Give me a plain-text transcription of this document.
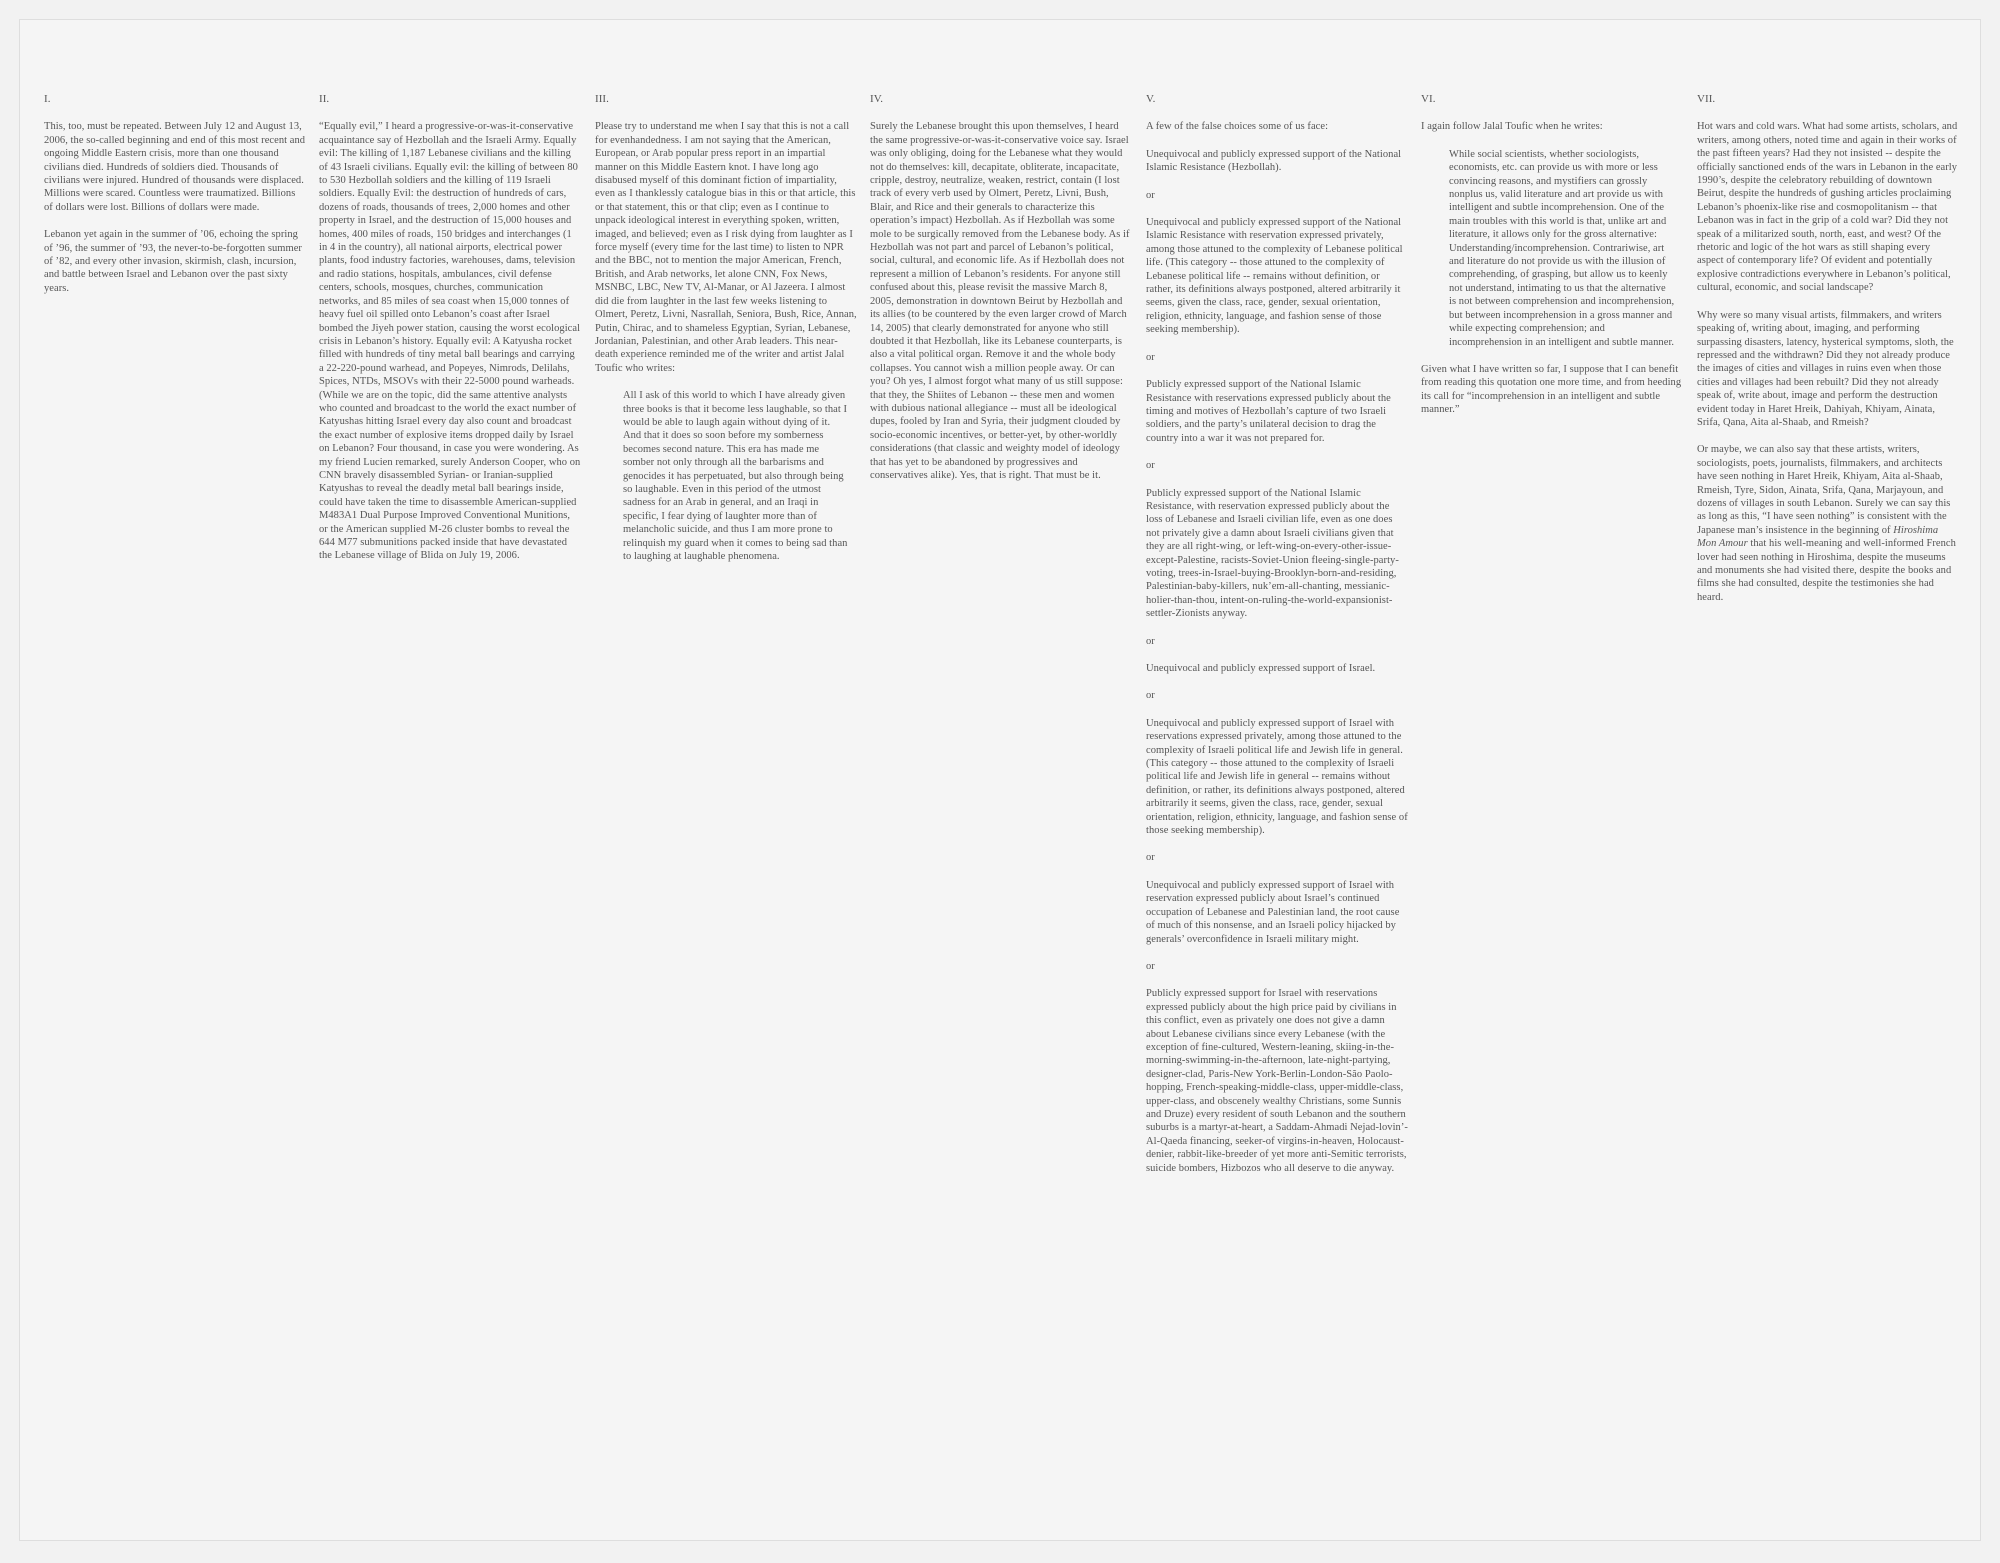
I.

This, too, must be repeated. Between July 12 and August 13, 2006, the so-called beginning and end of this most recent and ongoing Middle Eastern crisis, more than one thousand civilians died. Hundreds of soldiers died. Thousands of civilians were injured. Hundred of thousands were displaced. Millions were scared. Countless were traumatized. Billions of dollars were lost. Billions of dollars were made.

Lebanon yet again in the summer of ’06, echoing the spring of ’96, the summer of ’93, the never-to-be-forgotten summer of ’82, and every other invasion, skirmish, clash, incursion, and battle between Israel and Lebanon over the past sixty years.

II.

“Equally evil,” I heard a progressive-or-was-it-conservative acquaintance say of Hezbollah and the Israeli Army. Equally evil: The killing of 1,187 Lebanese civilians and the killing of 43 Israeli civilians. Equally evil: the killing of between 80 to 530 Hezbollah soldiers and the killing of 119 Israeli soldiers. Equally Evil: the destruction of hundreds of cars, dozens of roads, thousands of trees, 2,000 homes and other property in Israel, and the destruction of 15,000 houses and homes, 400 miles of roads, 150 bridges and interchanges (1 in 4 in the country), all national airports, electrical power plants, food industry factories, warehouses, dams, television and radio stations, hospitals, ambulances, civil defense centers, schools, mosques, churches, communication networks, and 85 miles of sea coast when 15,000 tonnes of heavy fuel oil spilled onto Lebanon’s coast after Israel bombed the Jiyeh power station, causing the worst ecological crisis in Lebanon’s history. Equally evil: A Katyusha rocket filled with hundreds of tiny metal ball bearings and carrying a 22-220-pound warhead, and Popeyes, Nimrods, Delilahs, Spices, NTDs, MSOVs with their 22-5000 pound warheads. (While we are on the topic, did the same attentive analysts who counted and broadcast to the world the exact number of Katyushas hitting Israel every day also count and broadcast the exact number of explosive items dropped daily by Israel on Lebanon? Four thousand, in case you were wondering. As my friend Lucien remarked, surely Anderson Cooper, who on CNN bravely disassembled Syrian- or Iranian-supplied Katyushas to reveal the deadly metal ball bearings inside, could have taken the time to disassemble American-supplied M483A1 Dual Purpose Improved Conventional Munitions, or the American supplied M-26 cluster bombs to reveal the 644 M77 submunitions packed inside that have devastated the Lebanese village of Blida on July 19, 2006.

III.

Please try to understand me when I say that this is not a call for evenhandedness. I am not saying that the American, European, or Arab popular press report in an impartial manner on this Middle Eastern knot. I have long ago disabused myself of this dominant fiction of impartiality, even as I thanklessly catalogue bias in this or that article, this or that statement, this or that clip; even as I continue to unpack ideological interest in everything spoken, written, imaged, and believed; even as I risk dying from laughter as I force myself (every time for the last time) to listen to NPR and the BBC, not to mention the major American, French, British, and Arab networks, let alone CNN, Fox News, MSNBC, LBC, New TV, Al-Manar, or Al Jazeera. I almost did die from laughter in the last few weeks listening to Olmert, Peretz, Livni, Nasrallah, Seniora, Bush, Rice, Annan, Putin, Chirac, and to shameless Egyptian, Syrian, Lebanese, Jordanian, Palestinian, and other Arab leaders. This near-death experience reminded me of the writer and artist Jalal Toufic who writes:

All I ask of this world to which I have already given three books is that it become less laughable, so that I would be able to laugh again without dying of it. And that it does so soon before my somberness becomes second nature. This era has made me somber not only through all the barbarisms and genocides it has perpetuated, but also through being so laughable. Even in this period of the utmost sadness for an Arab in general, and an Iraqi in specific, I fear dying of laughter more than of melancholic suicide, and thus I am more prone to relinquish my guard when it comes to being sad than to laughing at laughable phenomena.

IV.

Surely the Lebanese brought this upon themselves, I heard the same progressive-or-was-it-conservative voice say. Israel was only obliging, doing for the Lebanese what they would not do themselves: kill, decapitate, obliterate, incapacitate, cripple, destroy, neutralize, weaken, restrict, contain (I lost track of every verb used by Olmert, Peretz, Livni, Bush, Blair, and Rice and their generals to characterize this operation’s impact) Hezbollah. As if Hezbollah was some mole to be surgically removed from the Lebanese body. As if Hezbollah was not part and parcel of Lebanon’s political, social, cultural, and economic life. As if Hezbollah does not represent a million of Lebanon’s residents. For anyone still confused about this, please revisit the massive March 8, 2005, demonstration in downtown Beirut by Hezbollah and its allies (to be countered by the even larger crowd of March 14, 2005) that clearly demonstrated for anyone who still doubted it that Hezbollah, like its Lebanese counterparts, is also a vital political organ. Remove it and the whole body collapses. You cannot wish a million people away. Or can you? Oh yes, I almost forgot what many of us still suppose: that they, the Shiites of Lebanon -- these men and women with dubious national allegiance -- must all be ideological dupes, fooled by Iran and Syria, their judgment clouded by socio-economic incentives, or better-yet, by other-worldly considerations (that classic and weighty model of ideology that has yet to be abandoned by progressives and conservatives alike). Yes, that is right. That must be it.

V.

A few of the false choices some of us face:

Unequivocal and publicly expressed support of the National Islamic Resistance (Hezbollah).

or

Unequivocal and publicly expressed support of the National Islamic Resistance with reservation expressed privately, among those attuned to the complexity of Lebanese political life. (This category -- those attuned to the complexity of Lebanese political life -- remains without definition, or rather, its definitions always postponed, altered arbitrarily it seems, given the class, race, gender, sexual orientation, religion, ethnicity, language, and fashion sense of those seeking membership).

or

Publicly expressed support of the National Islamic Resistance with reservations expressed publicly about the timing and motives of Hezbollah’s capture of two Israeli soldiers, and the party’s unilateral decision to drag the country into a war it was not prepared for.

or

Publicly expressed support of the National Islamic Resistance, with reservation expressed publicly about the loss of Lebanese and Israeli civilian life, even as one does not privately give a damn about Israeli civilians given that they are all right-wing, or left-wing-on-every-other-issue-except-Palestine, racists-Soviet-Union fleeing-single-party-voting, trees-in-Israel-buying-Brooklyn-born-and-residing, Palestinian-baby-killers, nuk’em-all-chanting, messianic-holier-than-thou, intent-on-ruling-the-world-expansionist-settler-Zionists anyway.

or

Unequivocal and publicly expressed support of Israel.

or

Unequivocal and publicly expressed support of Israel with reservations expressed privately, among those attuned to the complexity of Israeli political life and Jewish life in general. (This category -- those attuned to the complexity of Israeli political life and Jewish life in general -- remains without definition, or rather, its definitions always postponed, altered arbitrarily it seems, given the class, race, gender, sexual orientation, religion, ethnicity, language, and fashion sense of those seeking membership).

or

Unequivocal and publicly expressed support of Israel with reservation expressed publicly about Israel’s continued occupation of Lebanese and Palestinian land, the root cause of much of this nonsense, and an Israeli policy hijacked by generals’ overconfidence in Israeli military might.

or

Publicly expressed support for Israel with reservations expressed publicly about the high price paid by civilians in this conflict, even as privately one does not give a damn about Lebanese civilians since every Lebanese (with the exception of fine-cultured, Western-leaning, skiing-in-the-morning-swimming-in-the-afternoon, late-night-partying, designer-clad, Paris-New York-Berlin-London-São Paolo-hopping, French-speaking-middle-class, upper-middle-class, upper-class, and obscenely wealthy Christians, some Sunnis and Druze) every resident of south Lebanon and the southern suburbs is a martyr-at-heart, a Saddam-Ahmadi Nejad-lovin’- Al-Qaeda financing, seeker-of virgins-in-heaven, Holocaust-denier, rabbit-like-breeder of yet more anti-Semitic terrorists, suicide bombers, Hizbozos who all deserve to die anyway.

VI.

I again follow Jalal Toufic when he writes:

While social scientists, whether sociologists, economists, etc. can provide us with more or less convincing reasons, and mystifiers can grossly nonplus us, valid literature and art provide us with intelligent and subtle incomprehension. One of the main troubles with this world is that, unlike art and literature, it allows only for the gross alternative: Understanding/incomprehension. Contrariwise, art and literature do not provide us with the illusion of comprehending, of grasping, but allow us to keenly not understand, intimating to us that the alternative is not between comprehension and incomprehension, but between incomprehension in a gross manner and while expecting comprehension; and incomprehension in an intelligent and subtle manner.

Given what I have written so far, I suppose that I can benefit from reading this quotation one more time, and from heeding its call for “incomprehension in an intelligent and subtle manner.”

VII.

Hot wars and cold wars. What had some artists, scholars, and writers, among others, noted time and again in their works of the past fifteen years? Had they not insisted -- despite the officially sanctioned ends of the wars in Lebanon in the early 1990’s, despite the celebratory rebuilding of downtown Beirut, despite the hundreds of gushing articles proclaiming Lebanon’s phoenix-like rise and cosmopolitanism -- that Lebanon was in fact in the grip of a cold war? Did they not speak of a militarized south, north, east, and west? Of the rhetoric and logic of the hot wars as still shaping every aspect of contemporary life? Of evident and potentially explosive contradictions everywhere in Lebanon’s political, cultural, economic, and social landscape?

Why were so many visual artists, filmmakers, and writers speaking of, writing about, imaging, and performing surpassing disasters, latency, hysterical symptoms, sloth, the repressed and the withdrawn? Did they not already produce the images of cities and villages in ruins even when those cities and villages had been rebuilt? Did they not already speak of, write about, image and perform the destruction evident today in Haret Hreik, Dahiyah, Khiyam, Ainata, Srifa, Qana, Aita al-Shaab, and Rmeish?

Or maybe, we can also say that these artists, writers, sociologists, poets, journalists, filmmakers, and architects have seen nothing in Haret Hreik, Khiyam, Aita al-Shaab, Rmeish, Tyre, Sidon, Ainata, Srifa, Qana, Marjayoun, and dozens of villages in south Lebanon. Surely we can say this as long as this, “I have seen nothing” is consistent with the Japanese man’s insistence in the beginning of Hiroshima Mon Amour that his well-meaning and well-informed French lover had seen nothing in Hiroshima, despite the museums and monuments she had visited there, despite the books and films she had consulted, despite the testimonies she had heard.
